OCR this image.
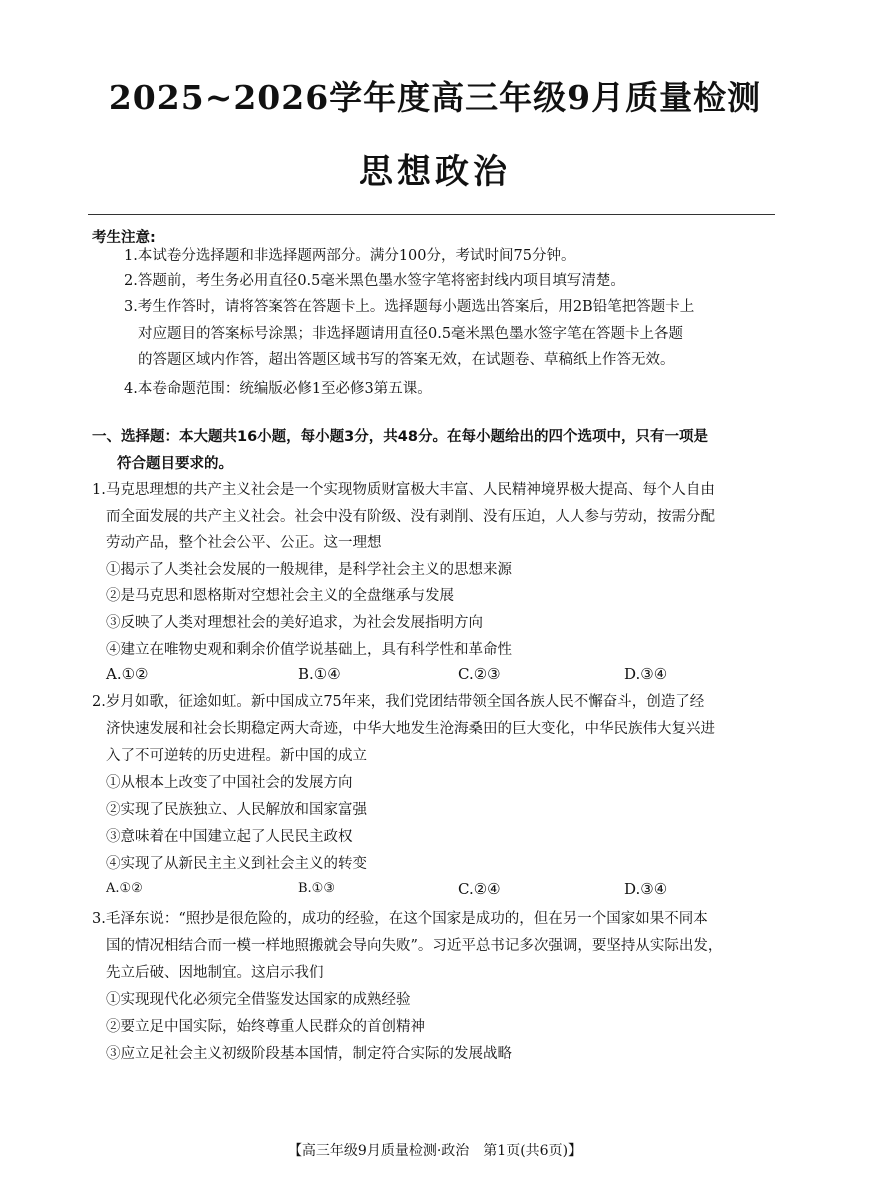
2025~2026学年度高三年级9月质量检测
思想政治
考生注意:
1.本试卷分选择题和非选择题两部分。满分100分，考试时间75分钟。
2.答题前，考生务必用直径0.5毫米黑色墨水签字笔将密封线内项目填写清楚。
3.考生作答时，请将答案答在答题卡上。选择题每小题选出答案后，用2B铅笔把答题卡上
对应题目的答案标号涂黑；非选择题请用直径0.5毫米黑色墨水签字笔在答题卡上各题
的答题区域内作答，超出答题区域书写的答案无效，在试题卷、草稿纸上作答无效。
4.本卷命题范围：统编版必修1至必修3第五课。
一、选择题：本大题共16小题，每小题3分，共48分。在每小题给出的四个选项中，只有一项是
符合题目要求的。
1.马克思理想的共产主义社会是一个实现物质财富极大丰富、人民精神境界极大提高、每个人自由
而全面发展的共产主义社会。社会中没有阶级、没有剥削、没有压迫，人人参与劳动，按需分配
劳动产品，整个社会公平、公正。这一理想
①揭示了人类社会发展的一般规律，是科学社会主义的思想来源
②是马克思和恩格斯对空想社会主义的全盘继承与发展
③反映了人类对理想社会的美好追求，为社会发展指明方向
④建立在唯物史观和剩余价值学说基础上，具有科学性和革命性
A.①②	B.①④	C.②③	D.③④
2.岁月如歌，征途如虹。新中国成立75年来，我们党团结带领全国各族人民不懈奋斗，创造了经
济快速发展和社会长期稳定两大奇迹，中华大地发生沧海桑田的巨大变化，中华民族伟大复兴进
入了不可逆转的历史进程。新中国的成立
①从根本上改变了中国社会的发展方向
②实现了民族独立、人民解放和国家富强
③意味着在中国建立起了人民民主政权
④实现了从新民主主义到社会主义的转变
A.①②	B.①③	C.②④	D.③④
3.毛泽东说：“照抄是很危险的，成功的经验，在这个国家是成功的，但在另一个国家如果不同本
国的情况相结合而一模一样地照搬就会导向失败”。习近平总书记多次强调，要坚持从实际出发，
先立后破、因地制宜。这启示我们
①实现现代化必须完全借鉴发达国家的成熟经验
②要立足中国实际，始终尊重人民群众的首创精神
③应立足社会主义初级阶段基本国情，制定符合实际的发展战略
【高三年级9月质量检测·政治　第1页(共6页)】
